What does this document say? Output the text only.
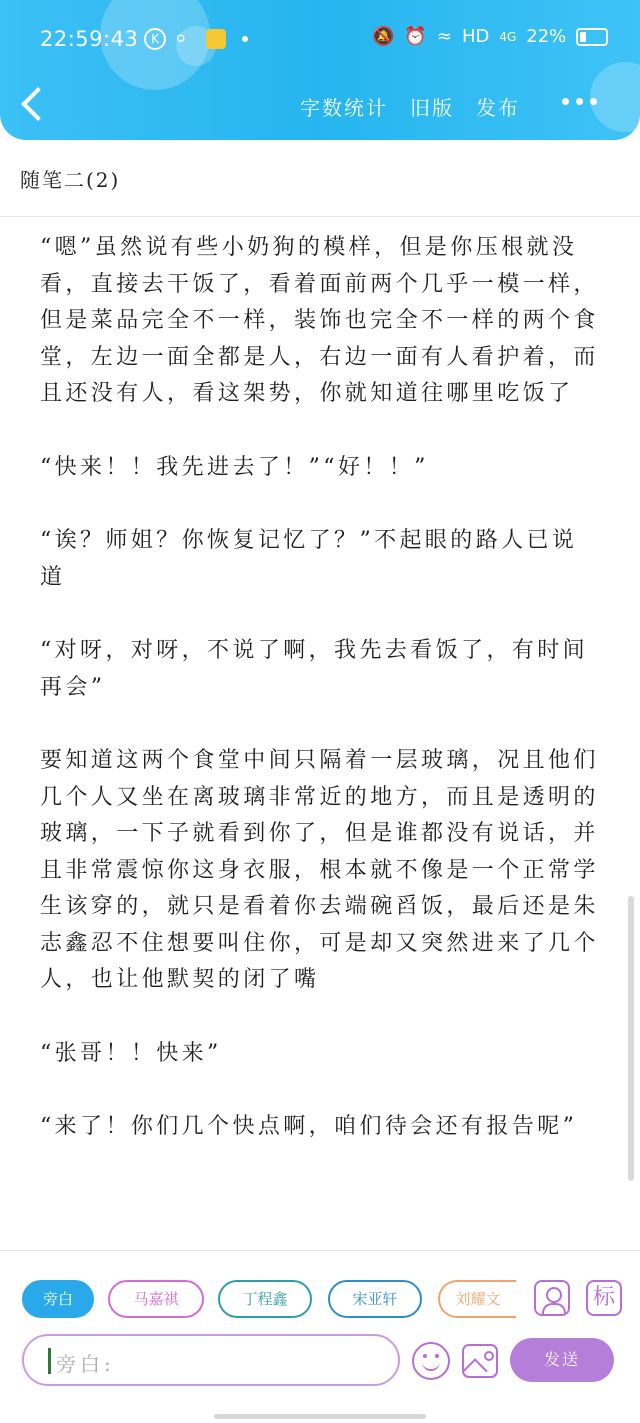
22:59:43	K ⚪	🔕 ⏰ ≈ HD 4G 22%
字数统计 旧版 发布
随笔二(2)

“嗯”虽然说有些小奶狗的模样，但是你压根就没看，直接去干饭了，看着面前两个几乎一模一样，但是菜品完全不一样，装饰也完全不一样的两个食堂，左边一面全都是人，右边一面有人看护着，而且还没有人，看这架势，你就知道往哪里吃饭了

“快来！！我先进去了！”“好！！”

“诶？师姐？你恢复记忆了？”不起眼的路人已说道

“对呀，对呀，不说了啊，我先去看饭了，有时间再会”

要知道这两个食堂中间只隔着一层玻璃，况且他们几个人又坐在离玻璃非常近的地方，而且是透明的玻璃，一下子就看到你了，但是谁都没有说话，并且非常震惊你这身衣服，根本就不像是一个正常学生该穿的，就只是看着你去端碗舀饭，最后还是朱志鑫忍不住想要叫住你，可是却又突然进来了几个人，也让他默契的闭了嘴

“张哥！！快来”

“来了！你们几个快点啊，咱们待会还有报告呢”

旁白	马嘉祺	丁程鑫	宋亚轩	刘耀文	标
旁白:	发送
